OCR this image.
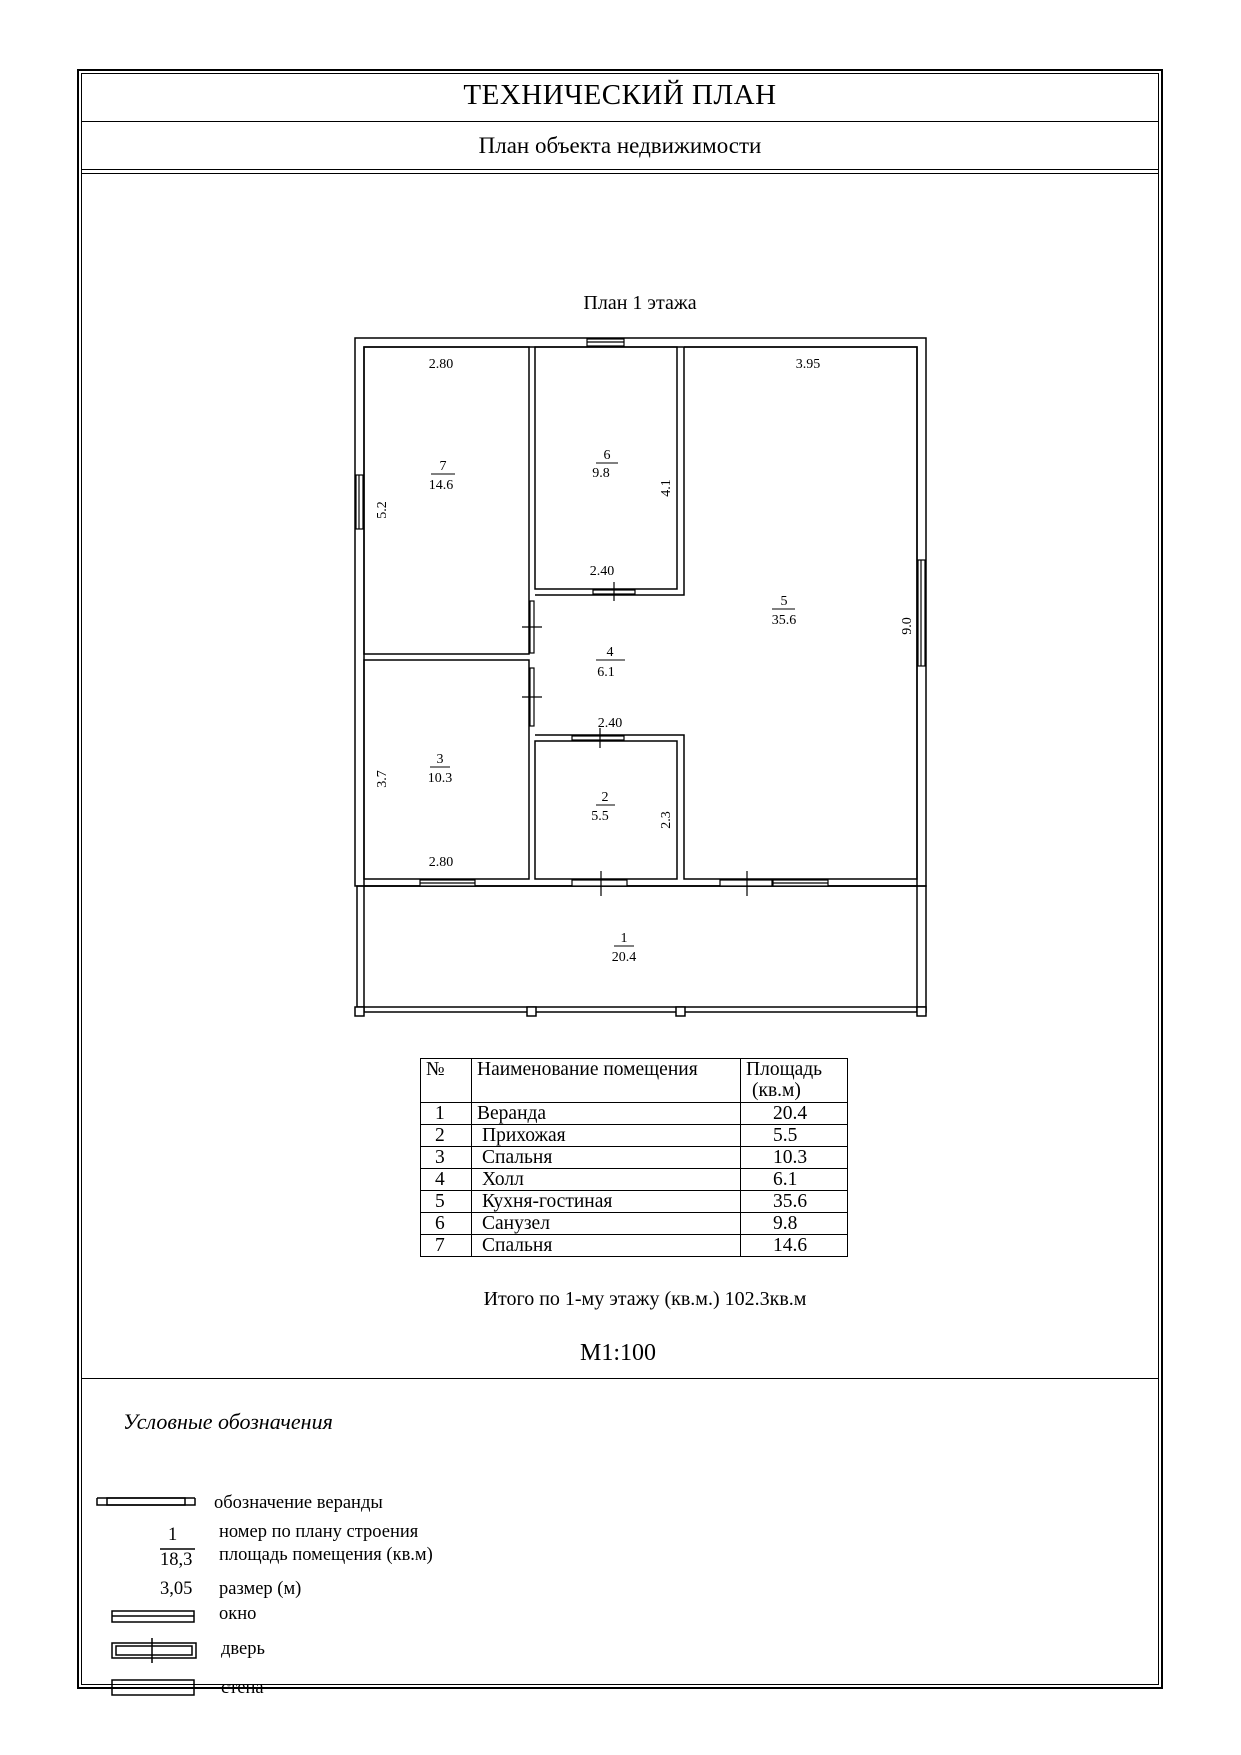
ТЕХНИЧЕСКИЙ ПЛАН
План объекта недвижимости
План 1 этажа
1
20.4
2
5.5
3
10.3
4
6.1
5
35.6
6
9.8
7
14.6
2.80
5.2
4.1
2.40
3.95
9.0
2.40
3.7
2.80
2.3
№	Наименование помещения	Площадь
(кв.м)
1	Веранда	20.4
2	Прихожая	5.5
3	Спальня	10.3
4	Холл	6.1
5	Кухня-гостиная	35.6
6	Санузел	9.8
7	Спальня	14.6
Итого по 1-му этажу (кв.м.) 102.3кв.м
М1:100
Условные обозначения
обозначение веранды
1
18,3
номер по плану строения
площадь помещения (кв.м)
3,05 размер (м)
окно
дверь
стена
